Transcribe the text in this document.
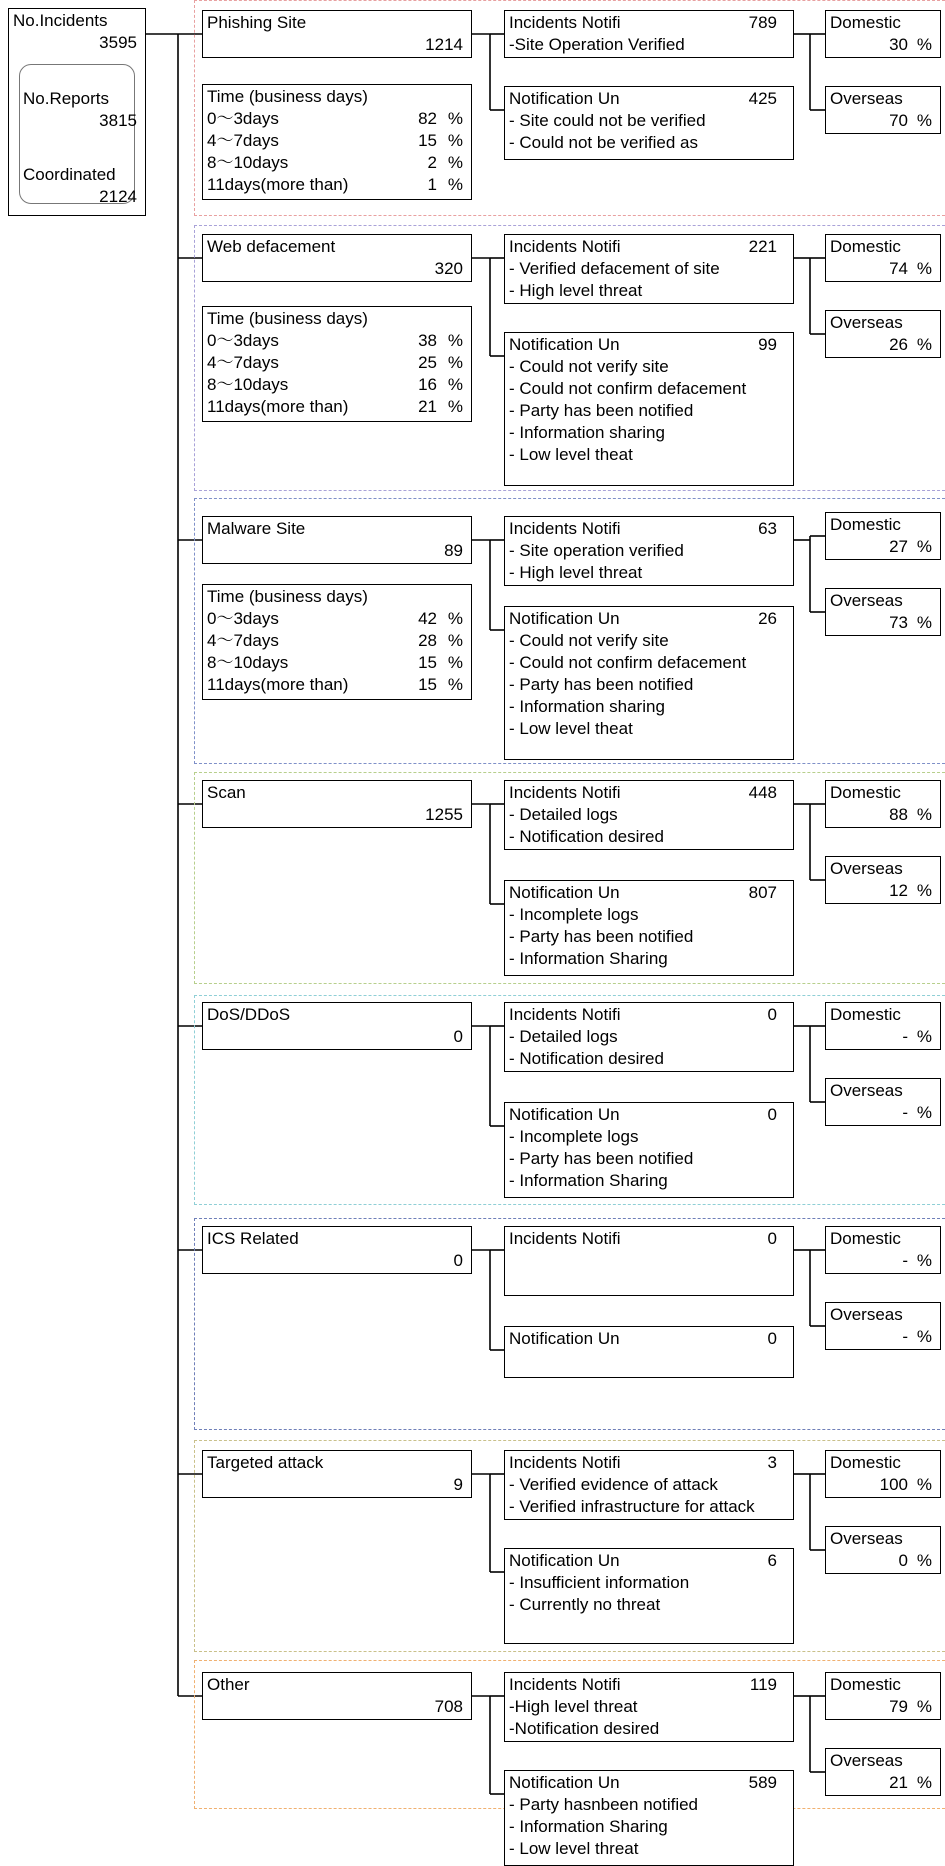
No.Incidents
3595
No.Reports
3815
Coordinated
2124
Phishing Site
1214
Time (business days)
0〜3days	82 %
4〜7days	15 %
8〜10days	2 %
11days(more than)	1 %
Incidents Notifi	789
-Site Operation Verified
Notification Un	425
- Site could not be verified
- Could not be verified as
Domestic
30 %
Overseas
70 %
Web defacement
320
Time (business days)
0〜3days	38 %
4〜7days	25 %
8〜10days	16 %
11days(more than)	21 %
Incidents Notifi	221
- Verified defacement of site
- High level threat
Notification Un	99
- Could not verify site
- Could not confirm defacement
- Party has been notified
- Information sharing
- Low level theat
Domestic
74 %
Overseas
26 %
Malware Site
89
Time (business days)
0〜3days	42 %
4〜7days	28 %
8〜10days	15 %
11days(more than)	15 %
Incidents Notifi	63
- Site operation verified
- High level threat
Notification Un	26
- Could not verify site
- Could not confirm defacement
- Party has been notified
- Information sharing
- Low level theat
Domestic
27 %
Overseas
73 %
Scan
1255
Incidents Notifi	448
- Detailed logs
- Notification desired
Notification Un	807
- Incomplete logs
- Party has been notified
- Information Sharing
Domestic
88 %
Overseas
12 %
DoS/DDoS
0
Incidents Notifi	0
- Detailed logs
- Notification desired
Notification Un	0
- Incomplete logs
- Party has been notified
- Information Sharing
Domestic
- %
Overseas
- %
ICS Related
0
Incidents Notifi	0
Notification Un	0
Domestic
- %
Overseas
- %
Targeted attack
9
Incidents Notifi	3
- Verified evidence of attack
- Verified infrastructure for attack
Notification Un	6
- Insufficient information
- Currently no threat
Domestic
100 %
Overseas
0 %
Other
708
Incidents Notifi	119
-High level threat
-Notification desired
Notification Un	589
- Party hasnbeen notified
- Information Sharing
- Low level threat
Domestic
79 %
Overseas
21 %
